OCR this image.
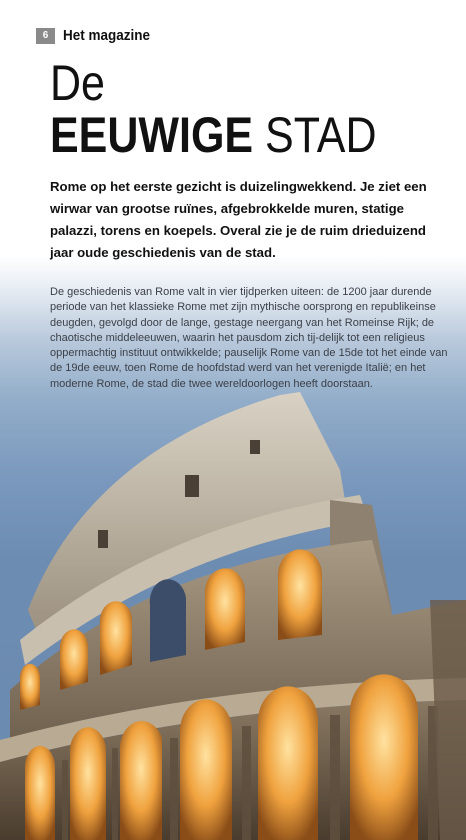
6 Het magazine
De
EEUWIGE STAD

Rome op het eerste gezicht is duizelingwekkend. Je ziet een wirwar van grootse ruïnes, afgebrokkelde muren, statige palazzi, torens en koepels. Overal zie je de ruim drieduizend jaar oude geschiedenis van de stad.

De geschiedenis van Rome valt in vier tijdperken uiteen: de 1200 jaar durende periode van het klassieke Rome met zijn mythische oorsprong en republikeinse deugden, gevolgd door de lange, gestage neergang van het Romeinse Rijk; de chaotische middeleeuwen, waarin het pausdom zich tij-delijk tot een religieus oppermachtig instituut ontwikkelde; pauselijk Rome van de 15de tot het einde van de 19de eeuw, toen Rome de hoofdstad werd van het verenigde Italië; en het moderne Rome, de stad die twee wereldoorlogen heeft doorstaan.
